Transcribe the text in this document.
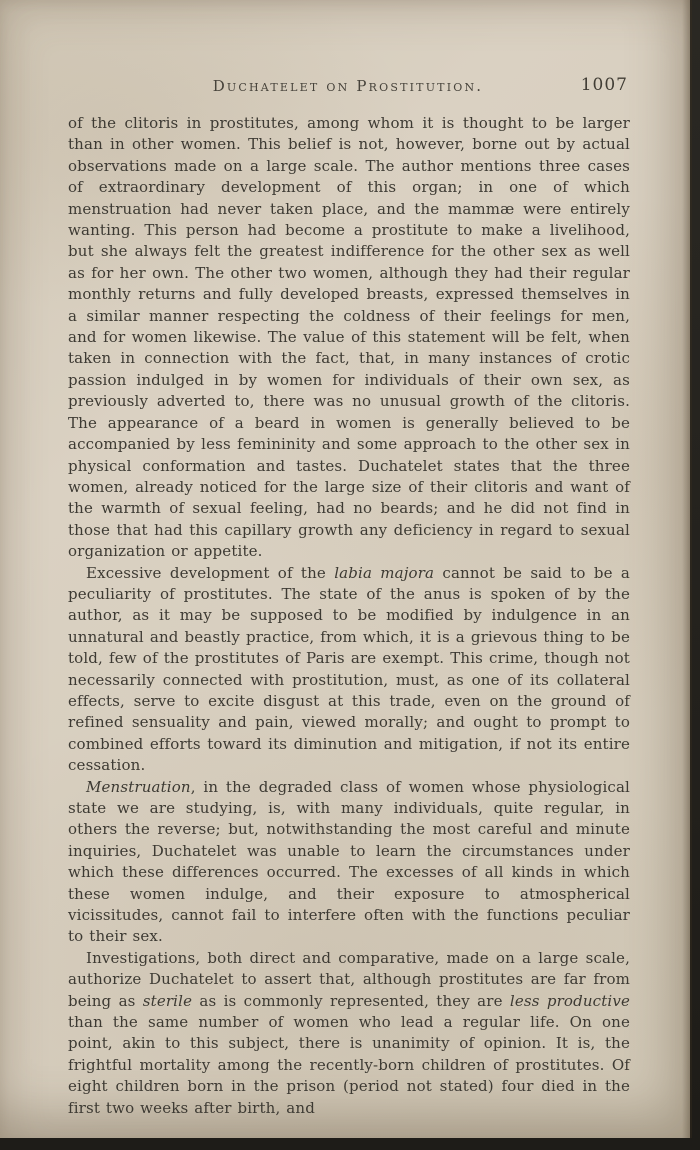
Duchatelet on Prostitution.	1007

of the clitoris in prostitutes, among whom it is thought to be larger than in other women. This belief is not, however, borne out by actual observations made on a large scale. The author mentions three cases of extraordinary development of this organ; in one of which menstruation had never taken place, and the mammæ were entirely wanting. This person had become a prostitute to make a livelihood, but she always felt the greatest indifference for the other sex as well as for her own. The other two women, although they had their regular monthly returns and fully developed breasts, expressed themselves in a similar manner respecting the coldness of their feelings for men, and for women likewise. The value of this statement will be felt, when taken in connection with the fact, that, in many instances of crotic passion indulged in by women for individuals of their own sex, as previously adverted to, there was no unusual growth of the clitoris. The appearance of a beard in women is generally believed to be accompanied by less femininity and some approach to the other sex in physical conformation and tastes. Duchatelet states that the three women, already noticed for the large size of their clitoris and want of the warmth of sexual feeling, had no beards; and he did not find in those that had this capillary growth any deficiency in regard to sexual organization or appetite.

Excessive development of the labia majora cannot be said to be a peculiarity of prostitutes. The state of the anus is spoken of by the author, as it may be supposed to be modified by indulgence in an unnatural and beastly practice, from which, it is a grievous thing to be told, few of the prostitutes of Paris are exempt. This crime, though not necessarily connected with prostitution, must, as one of its collateral effects, serve to excite disgust at this trade, even on the ground of refined sensuality and pain, viewed morally; and ought to prompt to combined efforts toward its diminution and mitigation, if not its entire cessation.

Menstruation, in the degraded class of women whose physiological state we are studying, is, with many individuals, quite regular, in others the reverse; but, notwithstanding the most careful and minute inquiries, Duchatelet was unable to learn the circumstances under which these differences occurred. The excesses of all kinds in which these women indulge, and their exposure to atmospherical vicissitudes, cannot fail to interfere often with the functions peculiar to their sex.

Investigations, both direct and comparative, made on a large scale, authorize Duchatelet to assert that, although prostitutes are far from being as sterile as is commonly represented, they are less productive than the same number of women who lead a regular life. On one point, akin to this subject, there is unanimity of opinion. It is, the frightful mortality among the recently-born children of prostitutes. Of eight children born in the prison (period not stated) four died in the first two weeks after birth, and
